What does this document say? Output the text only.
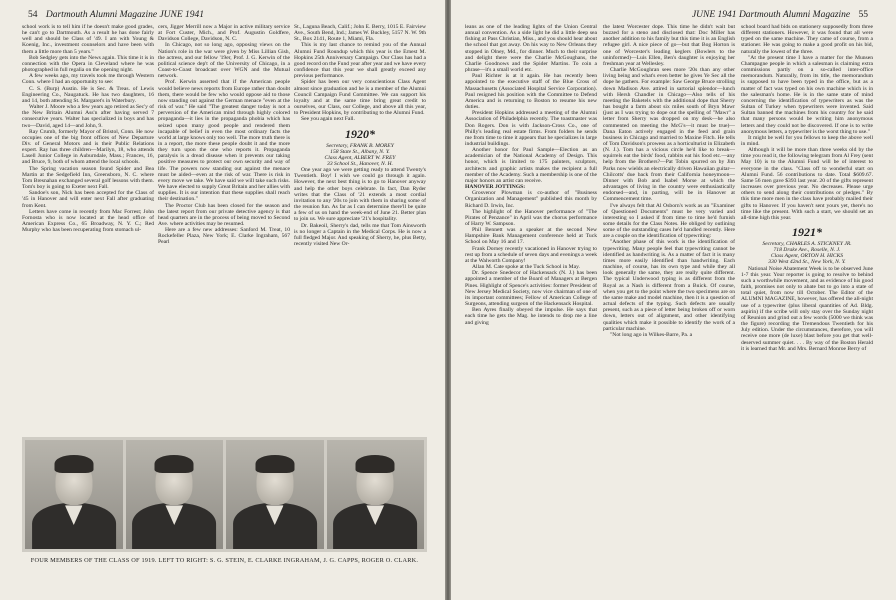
54 Dartmouth Alumni Magazine JUNE 1941

school work is to tell him if he doesn't make good grades, he can't go to Dartmouth. As a result he has done fairly well and should be Class of '49. I am with Young & Koenig, Inc., investment counselors and have been with them a little more than 5 years."

Bob Sedgley gets into the News again. This time it is in connection with the Opera in Cleveland where he was photographed in full regalia on the opening night.

A few weeks ago, my travels took me through Western Conn. where I had an opportunity to see:

C. S. (Burp) Austin. He is Sec. & Treas. of Lewis Engineering Co., Naugatuck. He has two daughters, 16 and 14, both attending St. Margaret's in Waterbury.

Walter J. Moore who a few years ago retired as Sec'y of the New Britain Alumni Ass'n after having served 7 consecutive years. Walter has specialized in boys and has two—David, aged 14—and John, 9.

Ray Crumb, formerly Mayor of Bristol, Conn. He now occupies one of the big front offices of New Departure Div. of General Motors and is their Public Relations expert. Ray has three children—Marilyn, 18, who attends Lasell Junior College in Auburndale, Mass.; Frances, 16, and Bruce, 9, both of whom attend the local schools.

The Spring vacation season found Spider and Bea Martin at the Sedgefield Inn, Greensboro, N. C. where Tom Bresnahan exchanged several golf lessons with them. Tom's boy is going to Exeter next Fall.

Sandoe's son, Nick has been accepted for the Class of '45 in Hanover and will enter next Fall after graduating from Kent.

Letters have come in recently from Mac Forrest; John Fornosta who is now located at the head office of American Express Co., 65 Broadway, N. Y. C.; Red Murphy who has been recuperating from stomach ul-

cers, Jigger Merrill now a Major in active military service at Fort Custer, Mich., and Prof. Augustin Goldfere, Davidson College, Davidson, N. C.

In Chicago, not so long ago, opposing views on the Nation's role in the war were given by Miss Lillian Gish, the actress, and our fellow '19er, Prof. J. G. Kerwin of the political science dep't of the University of Chicago, in a Coast-to-Coast broadcast over WGN and the Mutual network.

Prof. Kerwin asserted that if the American people would believe news reports from Europe rather than doubt them, there would be few who would oppose aid to those now standing out against the German menace "even at the risk of war." He said "The greatest danger today is not a perversion of the American mind through highly colored propaganda—it lies in the propaganda phobia which has seized upon many good people and rendered them incapable of belief in even the most ordinary facts the world at large knows only too well. The more truth there is in a report, the more these people doubt it and the more they turn upon the one who reports it. Propaganda paralysis is a dread disease when it prevents our taking positive measures to protect our own security and way of life. The powers now standing out against the menace must be aided—even at the risk of war. There is risk in every move we take. We have said we will take such risks. We have elected to supply Great Britain and her allies with supplies. It is our intention that these supplies shall reach their destination."

The Proctor Club has been closed for the season and the latest report from our private detective agency is that head quarters are in the process of being moved to Second Ave. where activities may be resumed.

Here are a few new addresses: Sanford M. Treat, 10 Rockefeller Plaza, New York; E. Clarke Ingraham, 567 Pearl

St., Laguna Beach, Calif.; John E. Berry, 1015 E. Fairview Ave., South Bend, Ind.; James W. Buckley, 5157 N. W. 9th St., Box 2141, Route 1, Miami, Fla.

This is my last chance to remind you of the Annual Alumni Fund Roundup which this year is the Ernest M. Hopkins 25th Anniversary Campaign. Our Class has had a good record on the Fund year after year and we have every confidence that this year we shall greatly exceed any previous performance.

Spider has been our very conscientious Class Agent almost since graduation and he is a member of the Alumni Council Campaign Fund Committee. We can support his loyalty and at the same time bring great credit to ourselves, our Class, our College, and above all this year, to President Hopkins, by contributing to the Alumni Fund.

See you again next Fall.

1920*

Secretary, FRANK B. MOREY

158 State St., Albany, N. Y.

Class Agent, ALBERT W. FREY

33 School St., Hanover, N. H.

One year ago we were getting ready to attend Twenty's Twentieth. Boy! I wish we could go through it again. However, the next best thing is to go to Hanover anyway and help the other boys celebrate. In fact, Dan Ryder writes that the Class of '21 extends a most cordial invitation to any '20s to join with them in sharing some of the reunion fun. As far as I can determine there'll be quite a few of us on hand the week-end of June 21. Better plan to join us. We sure appreciate '21's hospitality.

Dr. Bakeoil, Sherry's dad, tells me that Tom Ainsworth is no longer a Captain in the Medical Corps. He is now a full fledged Major. And speaking of Sherry, he, plus Betty, recently visited New Or-

FOUR MEMBERS OF THE CLASS OF 1919. LEFT TO RIGHT: S. G. STEIN, E. CLARKE INGRAHAM, J. G. CAPPS, ROGER O. CLARK.
JUNE 1941 Dartmouth Alumni Magazine 55

leans as one of the leading lights of the Union Central annual convention. As a side light he did a little deep sea fishing at Pass Christian, Miss., and you should hear about the school that got away. On his way to New Orleans they stopped in Olney, Md., for dinner. Much to their surprise and delight there were the Charlie McGoughans, the Charlie Goodnows and the Spider Martins. To coin a phrase—it's a small world etc.

Paul Richter is at it again. He has recently been appointed to the executive staff of the Blue Cross of Massachusetts (Associated Hospital Service Corporation). Paul resigned his position with the Committee to Defend America and is returning to Boston to resume his new duties.

President Hopkins addressed a meeting of the Alumni Association of Philadelphia recently. The toastmaster was Don Rogers. Don is with Jackson-Cross Co., one of Philly's leading real estate firms. From folders he sends me from time to time it appears that he specializes in large industrial buildings.

Another honor for Paul Sample—Election as an academician of the National Academy of Design. This honor, which is limited to 175 painters, sculptors, architects and graphic artists makes the recipient a full member of the Academy. Such a membership is one of the major honors an artist can receive.

HANOVER JOTTINGS:

Grosvenor Plowman is co-author of "Business Organization and Management" published this month by Richard D. Irwin, Inc.

The highlight of the Hanover performance of "The Pirates of Penzance" in April was the chorus performance of Harry W. Sampson.

Phil Bennett was a speaker at the second New Hampshire Bank Management conference held at Tuck School on May 16 and 17.

Frank Dorney recently vacationed in Hanover trying to rest up from a schedule of seven days and evenings a week at the Walworth Company!

Allan M. Cate spoke at the Tuck School in May.

Dr. Spence Snedecor of Hackensack (N. J.) has been appointed a member of the Board of Managers at Bergen Pines. Highlight of Spence's activities: former President of New Jersey Medical Society, now vice chairman of one of its important committees; Fellow of American College of Surgeons, attending surgeon of the Hackensack Hospital.

Ben Ayres finally obeyed the impulse. He says that each time he gets the Mag. he intends to drop me a line and giving

the latest Worcester dope. This time he didn't wait but buzzed for a steno and disclosed that: Doc Miller has another addition to his family but this time it is an English refugee girl. A nice piece of go—but that Bog Horton is one of Worcester's leading keglers (Bowlers to the uninformed)—Luis Ellen, Ben's daughter is enjoying her freshman year at Wellesley.

Charlie McGoughran sees more '20s than any other living being and what's even better he gives Ye Sec all the dope he gathers. For example: Saw George Bruce strolling down Madison Ave. attired in sartorial splendor—lunch with Hersh Chandler in Chicago—Also tells of his meeting the Baketels with the additional dope that Sherry has bought a farm about six miles south of Bryn Mawr (just as I was trying to dope out the spelling of "Mawr" a letter from Sherry was dropped on my desk—he also commented on meeting the McG's—it must be true)—Dana Eaton actively engaged in the feed and grain business in Chicago and married to Maxine Fitch. He tells of Tom Davidson's prowess as a horticulturist in Elizabeth (N. J.). Tom has a vicious circle he'd like to break—squirrels eat the birds' food, rabbits eat his food etc.—any help from the Brothers?—Pat Tobin spurred on by Jim Parks now wields an electrically driven Hawaiian guitar—Chilcotts' due back from their California honeymoon—Dinner with Bob and Isabel Morse at which the advantages of living in the country were enthusiastically endorsed—and, in parting, will be in Hanover at Commencement time.

I've always felt that Al Osborn's work as an "Examiner of Questioned Documents" must be very varied and interesting so I asked if from time to time he'd furnish some details for the Class Notes. He obliged by outlining some of the outstanding cases he'd handled recently. Here are a couple on the identification of typewriting:

"Another phase of this work is the identification of typewriting. Many people feel that typewriting cannot be identified as handwriting is. As a matter of fact it is many times more easily identified than handwriting. Each machine, of course, has its own type and while they all look generally the same, they are really quite different. The typical Underwood typing is as different from the Royal as a Nash is different from a Buick. Of course, when you get to the point where the two specimens are on the same make and model machine, then it is a question of actual defects of the typing. Such defects are usually present, such as a piece of letter being broken off or worn down, letters out of alignment, and other identifying qualities which make it possible to identify the work of a particular machine.

"Not long ago in Wilkes-Barre, Pa. a

school board had bids on stationery supposedly from three different stationers. However, it was found that all were typed on the same machine. They came of course, from a stationer. He was going to make a good profit on his bid, naturally the lowest of the three.

"At the present time I have a matter for the Munsen Champagne people in which a salesman is claiming extra commissions partly on a so-called inter-office memorandum. Naturally, from its title, the memorandum is supposed to have been typed in the office, but as a matter of fact was typed on his own machine which is in the salesman's home. He is in the same state of mind concerning the identification of typewriters as was the Sultan of Turkey when typewriters were invented. Said Sultan banned the machines from his country for he said that many persons would be writing him anonymous letters and they could not be discovered. If one is to write anonymous letters, a typewriter is the worst thing to use."

It might be well for you fellows to keep the above well in mind.

Although it will be more than three weeks old by the time you read it, the following telegram from Al Frey (sent May 10) is to the Alumni Fund will be of interest to everyone in the class. "Class off to wonderful start on Alumni Fund. 56 contributions to date. Total $609.67. Same 56 men gave $393 last year. 20 of the gifts represent increases over previous year. No decreases. Please urge others to send along their contributions or pledges." By this time more men in the class have probably mailed their gifts to Hanover. If you haven't sent yours yet, there's no time like the present. With such a start, we should set an all-time high this year.

1921*

Secretary, CHARLES A. STICKNEY JR.

718 Drake Ave., Roselle, N. J.

Class Agent, ORTON H. HICKS

330 West 42nd St., New York, N. Y.

National Noise Abatement Week is to be observed June 1-7 this year. Your reporter is going to resolve to behind such a worthwhile movement, and as evidence of his good faith, promises not only to abate but to go into a state of total quiet, from now till October. The Editor of the ALUMNI MAGAZINE, however, has offered the all-night use of a typewriter (plus liberal quantities of Ad. Bldg. aspirin) if the scribe will only stay over the Sunday night of Reunion and grind out a few words (5000 we think was the figure) recording the Tremendous Twentieth for his July edition. Under the circumstances, therefore, you will receive one more (de luxe) blast before you get that well-deserved summer quiet. . . . By way of the Boston Herald it is learned that Mr. and Mrs. Bernard Monroe Berry of
